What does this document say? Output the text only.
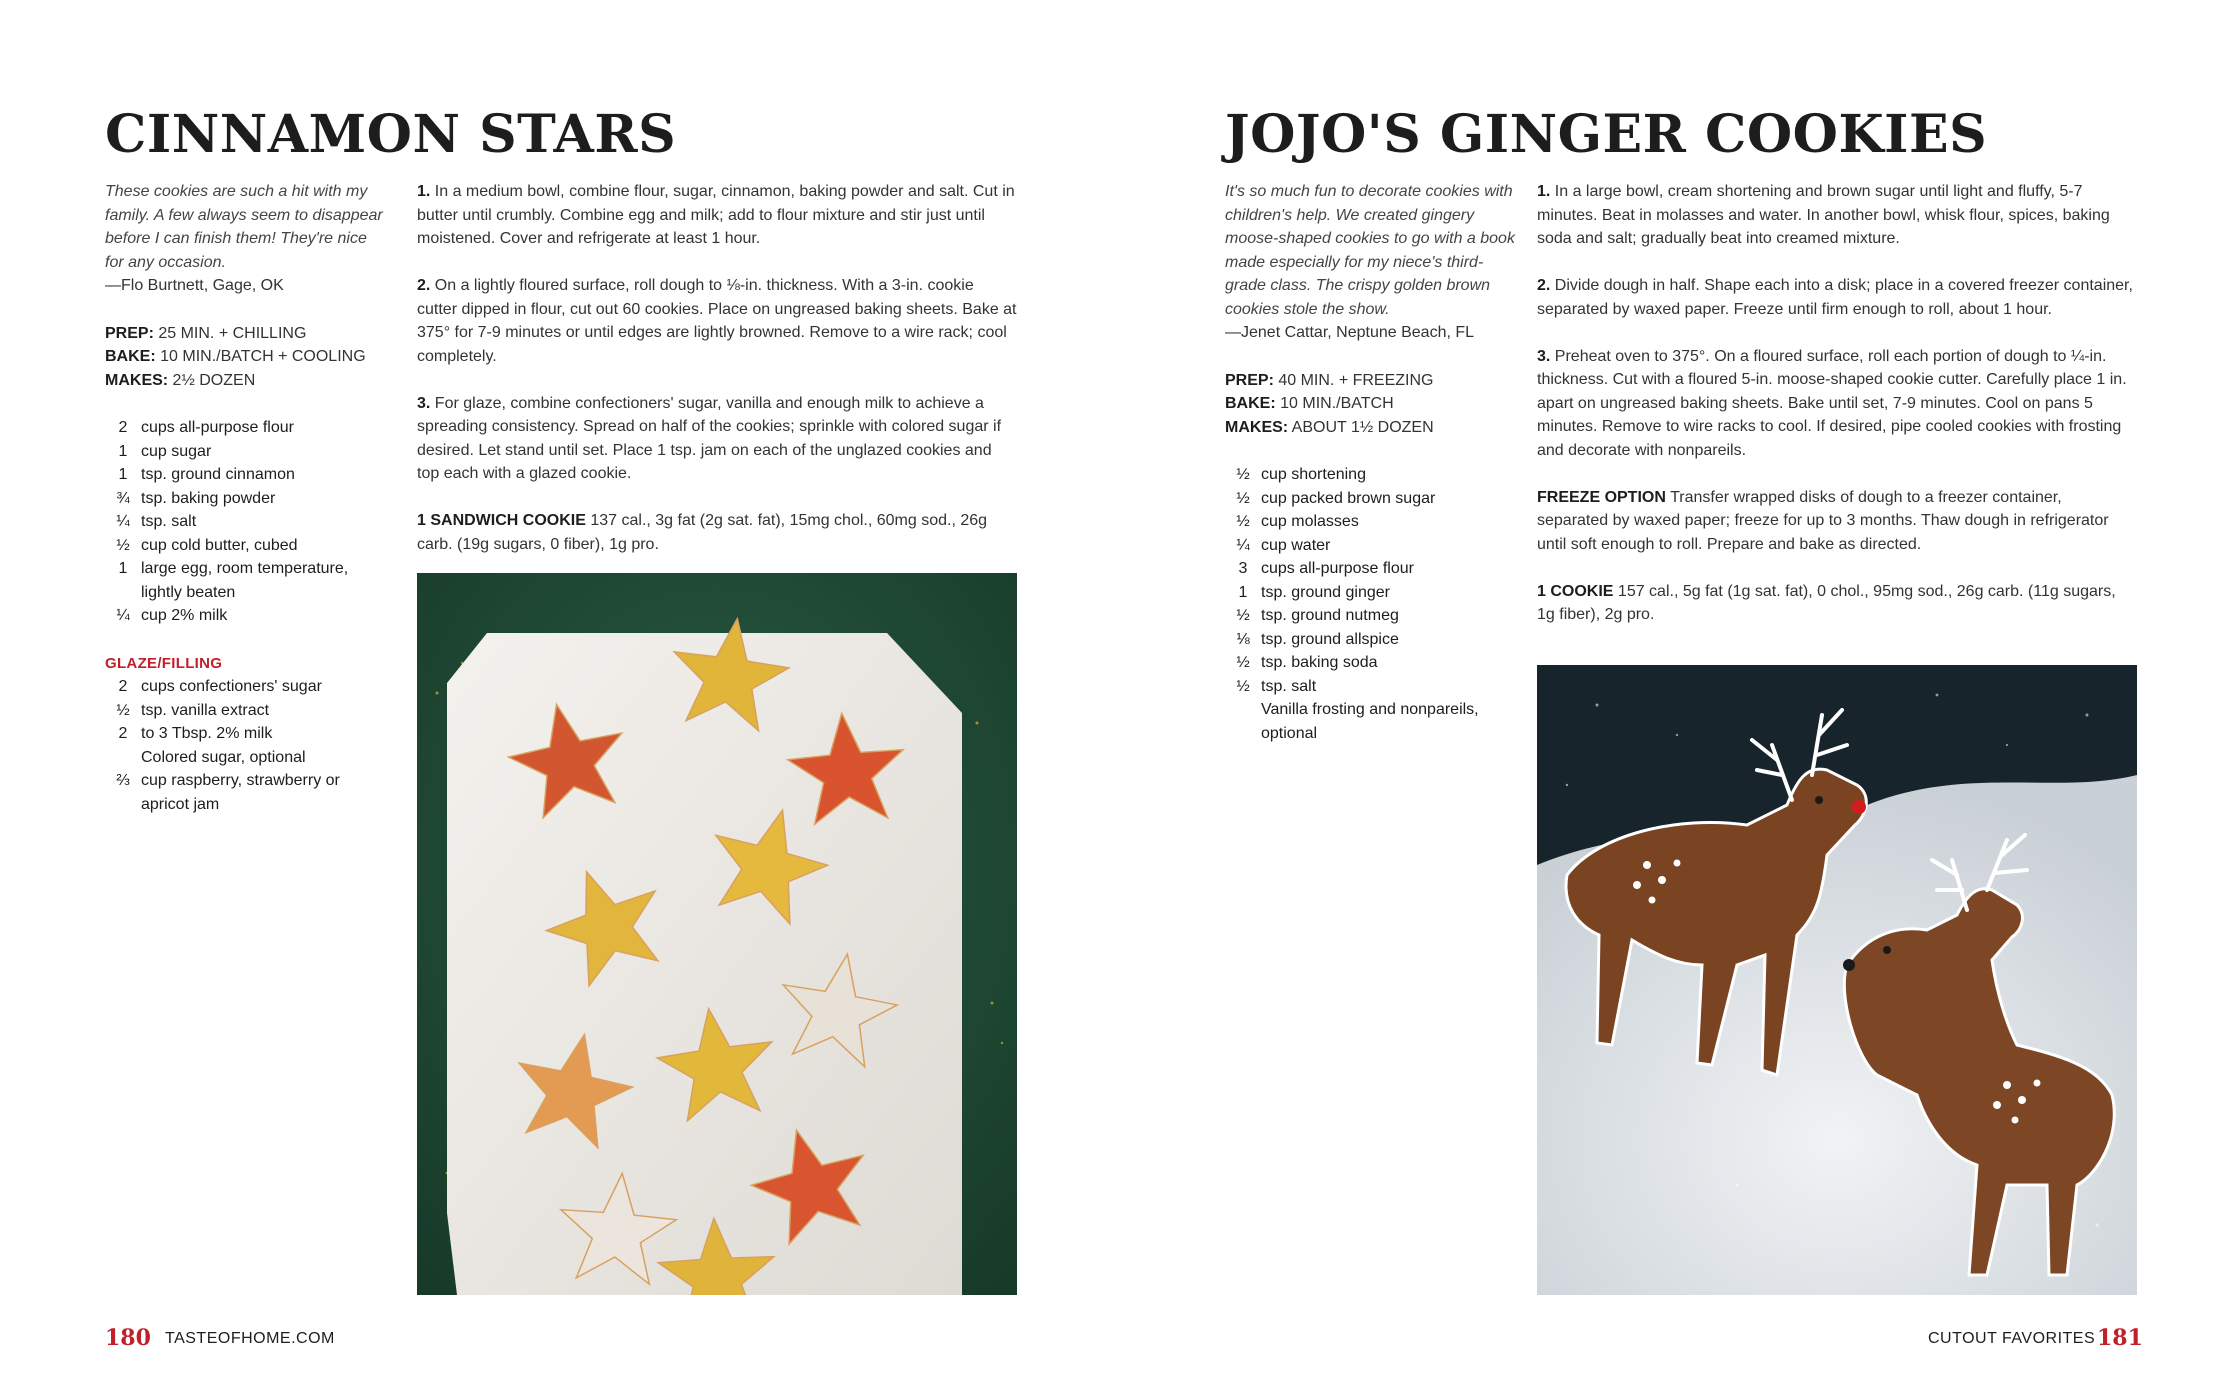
CINNAMON STARS
These cookies are such a hit with my family. A few always seem to disappear before I can finish them! They're nice for any occasion.
—Flo Burtnett, Gage, OK
PREP: 25 MIN. + CHILLING
BAKE: 10 MIN./BATCH + COOLING
MAKES: 2½ DOZEN
2 cups all-purpose flour
1 cup sugar
1 tsp. ground cinnamon
¾ tsp. baking powder
¼ tsp. salt
½ cup cold butter, cubed
1 large egg, room temperature, lightly beaten
¼ cup 2% milk
GLAZE/FILLING
2 cups confectioners' sugar
½ tsp. vanilla extract
2 to 3 Tbsp. 2% milk
Colored sugar, optional
⅔ cup raspberry, strawberry or apricot jam

1. In a medium bowl, combine flour, sugar, cinnamon, baking powder and salt. Cut in butter until crumbly. Combine egg and milk; add to flour mixture and stir just until moistened. Cover and refrigerate at least 1 hour.

2. On a lightly floured surface, roll dough to ⅛-in. thickness. With a 3-in. cookie cutter dipped in flour, cut out 60 cookies. Place on ungreased baking sheets. Bake at 375° for 7-9 minutes or until edges are lightly browned. Remove to a wire rack; cool completely.

3. For glaze, combine confectioners' sugar, vanilla and enough milk to achieve a spreading consistency. Spread on half of the cookies; sprinkle with colored sugar if desired. Let stand until set. Place 1 tsp. jam on each of the unglazed cookies and top each with a glazed cookie.

1 SANDWICH COOKIE 137 cal., 3g fat (2g sat. fat), 15mg chol., 60mg sod., 26g carb. (19g sugars, 0 fiber), 1g pro.

180 TASTEOFHOME.COM
JOJO'S GINGER COOKIES
It's so much fun to decorate cookies with children's help. We created gingery moose-shaped cookies to go with a book made especially for my niece's third-grade class. The crispy golden brown cookies stole the show.
—Jenet Cattar, Neptune Beach, FL
PREP: 40 MIN. + FREEZING
BAKE: 10 MIN./BATCH
MAKES: ABOUT 1½ DOZEN
½ cup shortening
½ cup packed brown sugar
½ cup molasses
¼ cup water
3 cups all-purpose flour
1 tsp. ground ginger
½ tsp. ground nutmeg
⅛ tsp. ground allspice
½ tsp. baking soda
½ tsp. salt
Vanilla frosting and nonpareils, optional

1. In a large bowl, cream shortening and brown sugar until light and fluffy, 5-7 minutes. Beat in molasses and water. In another bowl, whisk flour, spices, baking soda and salt; gradually beat into creamed mixture.

2. Divide dough in half. Shape each into a disk; place in a covered freezer container, separated by waxed paper. Freeze until firm enough to roll, about 1 hour.

3. Preheat oven to 375°. On a floured surface, roll each portion of dough to ¼-in. thickness. Cut with a floured 5-in. moose-shaped cookie cutter. Carefully place 1 in. apart on ungreased baking sheets. Bake until set, 7-9 minutes. Cool on pans 5 minutes. Remove to wire racks to cool. If desired, pipe cooled cookies with frosting and decorate with nonpareils.

FREEZE OPTION Transfer wrapped disks of dough to a freezer container, separated by waxed paper; freeze for up to 3 months. Thaw dough in refrigerator until soft enough to roll. Prepare and bake as directed.

1 COOKIE 157 cal., 5g fat (1g sat. fat), 0 chol., 95mg sod., 26g carb. (11g sugars, 1g fiber), 2g pro.

CUTOUT FAVORITES 181
